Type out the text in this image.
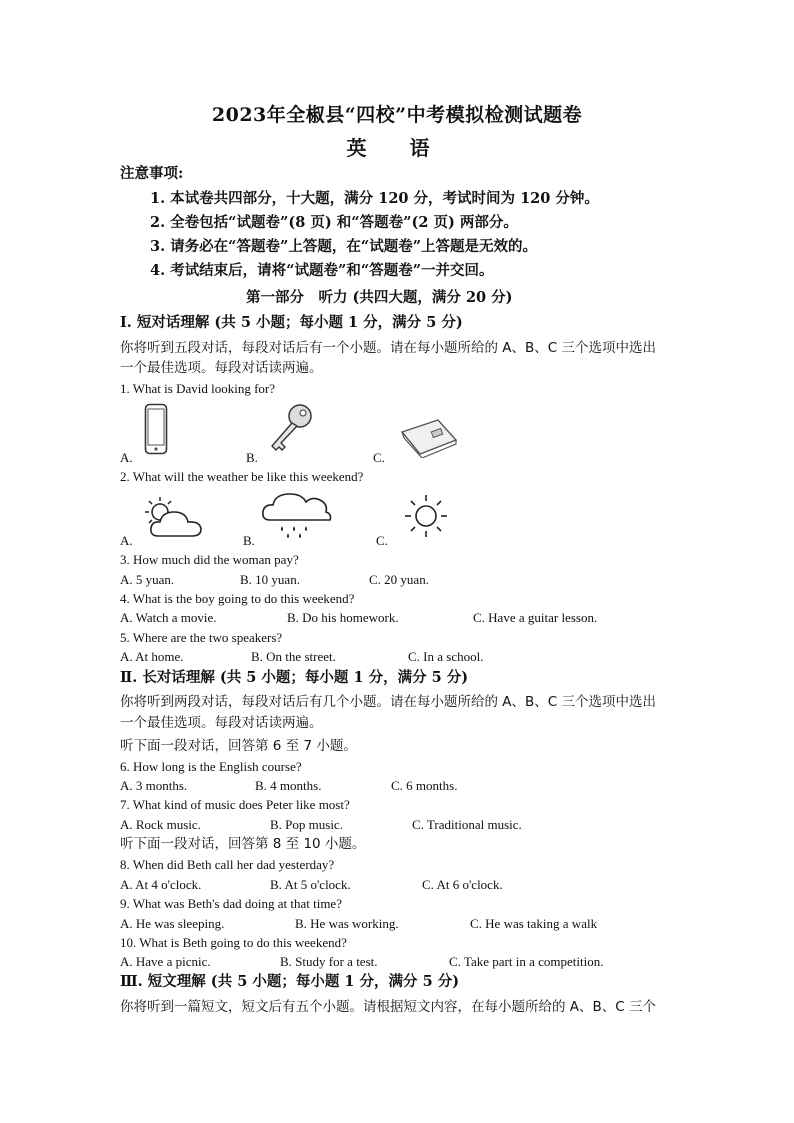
2023年全椒县“四校”中考模拟检测试题卷
英 语
注意事项:
1. 本试卷共四部分，十大题，满分 120 分，考试时间为 120 分钟。
2. 全卷包括“试题卷”(8 页) 和“答题卷”(2 页) 两部分。
3. 请务必在“答题卷”上答题，在“试题卷”上答题是无效的。
4. 考试结束后，请将“试题卷”和“答题卷”一并交回。
第一部分　听力 (共四大题，满分 20 分)
I. 短对话理解 (共 5 小题；每小题 1 分，满分 5 分)
你将听到五段对话，每段对话后有一个小题。请在每小题所给的 A、B、C 三个选项中选出
一个最佳选项。每段对话读两遍。
1. What is David looking for?
A.	B.	C.
2. What will the weather be like this weekend?
A.	B.	C.
3. How much did the woman pay?
A. 5 yuan.	B. 10 yuan.	C. 20 yuan.
4. What is the boy going to do this weekend?
A. Watch a movie.	B. Do his homework.	C. Have a guitar lesson.
5. Where are the two speakers?
A. At home.	B. On the street.	C. In a school.
Ⅱ. 长对话理解 (共 5 小题；每小题 1 分，满分 5 分)
你将听到两段对话，每段对话后有几个小题。请在每小题所给的 A、B、C 三个选项中选出
一个最佳选项。每段对话读两遍。
听下面一段对话，回答第 6 至 7 小题。
6. How long is the English course?
A. 3 months.	B. 4 months.	C. 6 months.
7. What kind of music does Peter like most?
A. Rock music.	B. Pop music.	C. Traditional music.
听下面一段对话，回答第 8 至 10 小题。
8. When did Beth call her dad yesterday?
A. At 4 o'clock.	B. At 5 o'clock.	C. At 6 o'clock.
9. What was Beth's dad doing at that time?
A. He was sleeping.	B. He was working.	C. He was taking a walk
10. What is Beth going to do this weekend?
A. Have a picnic.	B. Study for a test.	C. Take part in a competition.
Ⅲ. 短文理解 (共 5 小题；每小题 1 分，满分 5 分)
你将听到一篇短文，短文后有五个小题。请根据短文内容，在每小题所给的 A、B、C 三个
